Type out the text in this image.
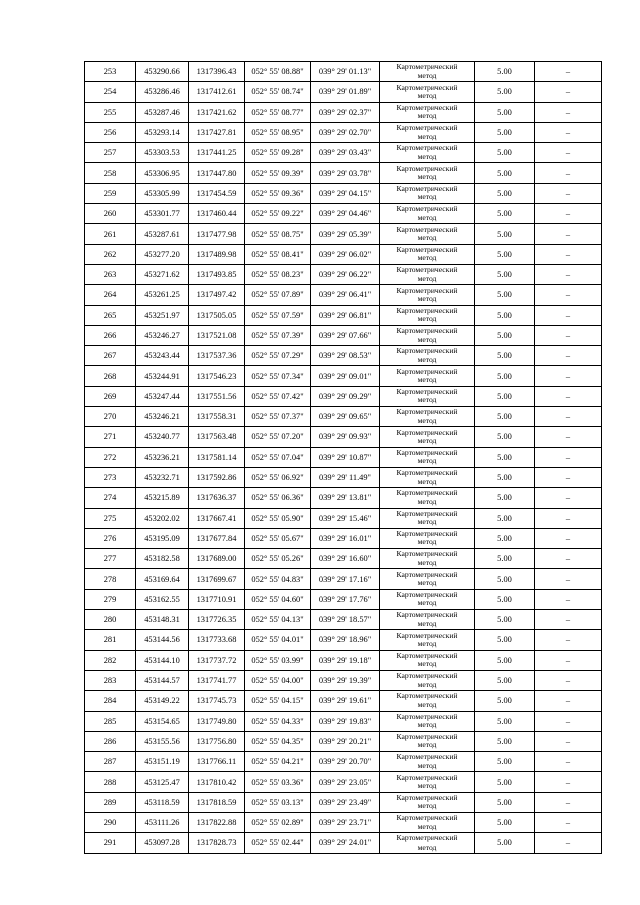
253	453290.66	1317396.43	052° 55' 08.88"	039° 29' 01.13"	Картометрический
метод	5.00	–
254	453286.46	1317412.61	052° 55' 08.74"	039° 29' 01.89"	Картометрический
метод	5.00	–
255	453287.46	1317421.62	052° 55' 08.77"	039° 29' 02.37"	Картометрический
метод	5.00	–
256	453293.14	1317427.81	052° 55' 08.95"	039° 29' 02.70"	Картометрический
метод	5.00	–
257	453303.53	1317441.25	052° 55' 09.28"	039° 29' 03.43"	Картометрический
метод	5.00	–
258	453306.95	1317447.80	052° 55' 09.39"	039° 29' 03.78"	Картометрический
метод	5.00	–
259	453305.99	1317454.59	052° 55' 09.36"	039° 29' 04.15"	Картометрический
метод	5.00	–
260	453301.77	1317460.44	052° 55' 09.22"	039° 29' 04.46"	Картометрический
метод	5.00	–
261	453287.61	1317477.98	052° 55' 08.75"	039° 29' 05.39"	Картометрический
метод	5.00	–
262	453277.20	1317489.98	052° 55' 08.41"	039° 29' 06.02"	Картометрический
метод	5.00	–
263	453271.62	1317493.85	052° 55' 08.23"	039° 29' 06.22"	Картометрический
метод	5.00	–
264	453261.25	1317497.42	052° 55' 07.89"	039° 29' 06.41"	Картометрический
метод	5.00	–
265	453251.97	1317505.05	052° 55' 07.59"	039° 29' 06.81"	Картометрический
метод	5.00	–
266	453246.27	1317521.08	052° 55' 07.39"	039° 29' 07.66"	Картометрический
метод	5.00	–
267	453243.44	1317537.36	052° 55' 07.29"	039° 29' 08.53"	Картометрический
метод	5.00	–
268	453244.91	1317546.23	052° 55' 07.34"	039° 29' 09.01"	Картометрический
метод	5.00	–
269	453247.44	1317551.56	052° 55' 07.42"	039° 29' 09.29"	Картометрический
метод	5.00	–
270	453246.21	1317558.31	052° 55' 07.37"	039° 29' 09.65"	Картометрический
метод	5.00	–
271	453240.77	1317563.48	052° 55' 07.20"	039° 29' 09.93"	Картометрический
метод	5.00	–
272	453236.21	1317581.14	052° 55' 07.04"	039° 29' 10.87"	Картометрический
метод	5.00	–
273	453232.71	1317592.86	052° 55' 06.92"	039° 29' 11.49"	Картометрический
метод	5.00	–
274	453215.89	1317636.37	052° 55' 06.36"	039° 29' 13.81"	Картометрический
метод	5.00	–
275	453202.02	1317667.41	052° 55' 05.90"	039° 29' 15.46"	Картометрический
метод	5.00	–
276	453195.09	1317677.84	052° 55' 05.67"	039° 29' 16.01"	Картометрический
метод	5.00	–
277	453182.58	1317689.00	052° 55' 05.26"	039° 29' 16.60"	Картометрический
метод	5.00	–
278	453169.64	1317699.67	052° 55' 04.83"	039° 29' 17.16"	Картометрический
метод	5.00	–
279	453162.55	1317710.91	052° 55' 04.60"	039° 29' 17.76"	Картометрический
метод	5.00	–
280	453148.31	1317726.35	052° 55' 04.13"	039° 29' 18.57"	Картометрический
метод	5.00	–
281	453144.56	1317733.68	052° 55' 04.01"	039° 29' 18.96"	Картометрический
метод	5.00	–
282	453144.10	1317737.72	052° 55' 03.99"	039° 29' 19.18"	Картометрический
метод	5.00	–
283	453144.57	1317741.77	052° 55' 04.00"	039° 29' 19.39"	Картометрический
метод	5.00	–
284	453149.22	1317745.73	052° 55' 04.15"	039° 29' 19.61"	Картометрический
метод	5.00	–
285	453154.65	1317749.80	052° 55' 04.33"	039° 29' 19.83"	Картометрический
метод	5.00	–
286	453155.56	1317756.80	052° 55' 04.35"	039° 29' 20.21"	Картометрический
метод	5.00	–
287	453151.19	1317766.11	052° 55' 04.21"	039° 29' 20.70"	Картометрический
метод	5.00	–
288	453125.47	1317810.42	052° 55' 03.36"	039° 29' 23.05"	Картометрический
метод	5.00	–
289	453118.59	1317818.59	052° 55' 03.13"	039° 29' 23.49"	Картометрический
метод	5.00	–
290	453111.26	1317822.88	052° 55' 02.89"	039° 29' 23.71"	Картометрический
метод	5.00	–
291	453097.28	1317828.73	052° 55' 02.44"	039° 29' 24.01"	Картометрический
метод	5.00	–
